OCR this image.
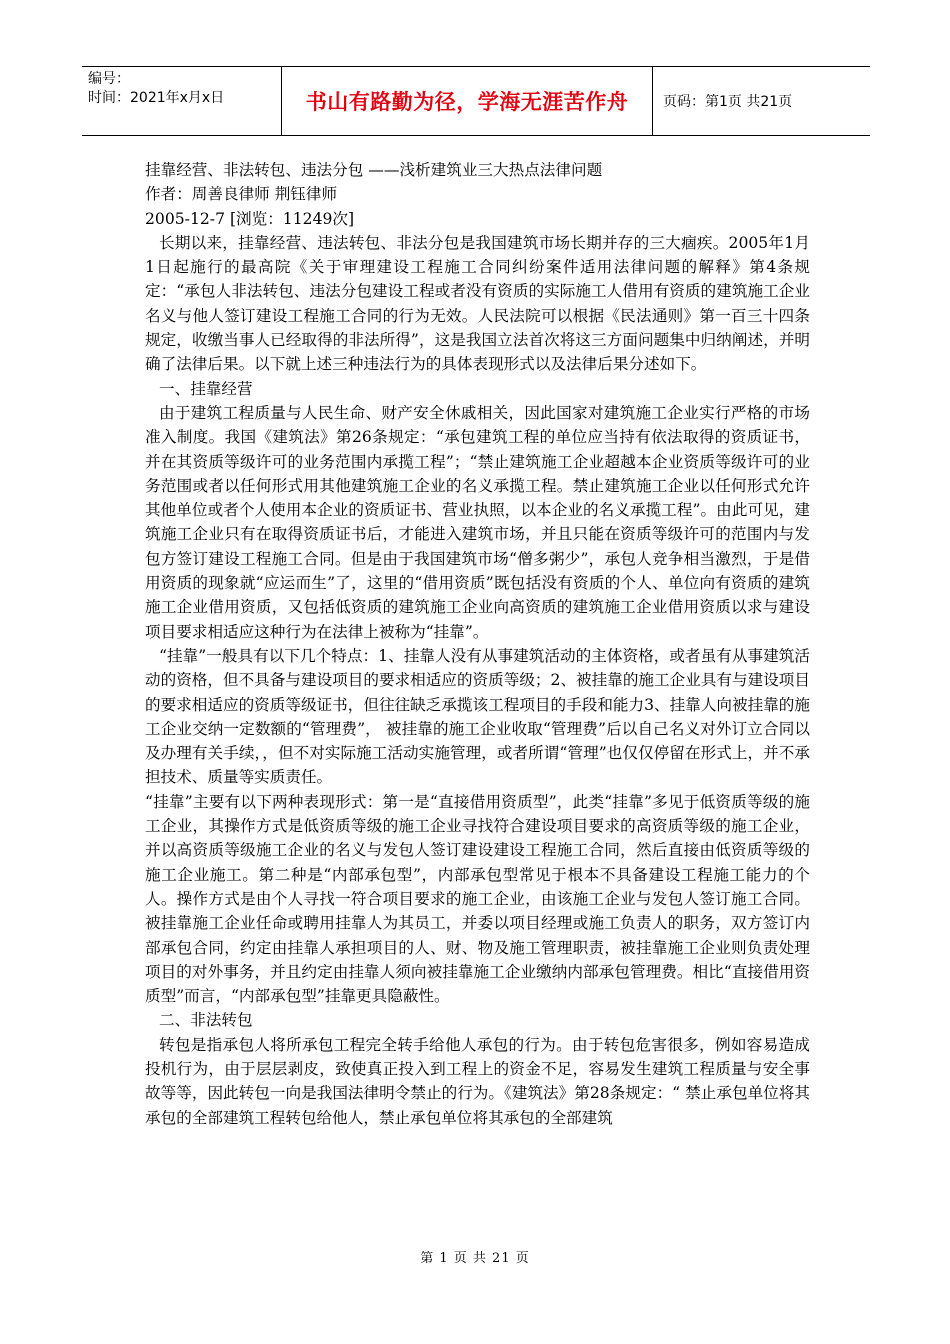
编号：
时间：2021年x月x日	书山有路勤为径，学海无涯苦作舟	页码：第1页 共21页

挂靠经营、非法转包、违法分包 ——浅析建筑业三大热点法律问题

作者：周善良律师 荆钰律师

2005-12-7 [浏览：11249次]

长期以来，挂靠经营、违法转包、非法分包是我国建筑市场长期并存的三大痼疾。2005年1月1日起施行的最高院《关于审理建设工程施工合同纠纷案件适用法律问题的解释》第4条规定：“承包人非法转包、违法分包建设工程或者没有资质的实际施工人借用有资质的建筑施工企业名义与他人签订建设工程施工合同的行为无效。人民法院可以根据《民法通则》第一百三十四条规定，收缴当事人已经取得的非法所得”，这是我国立法首次将这三方面问题集中归纳阐述，并明确了法律后果。以下就上述三种违法行为的具体表现形式以及法律后果分述如下。

一、挂靠经营

由于建筑工程质量与人民生命、财产安全休戚相关，因此国家对建筑施工企业实行严格的市场准入制度。我国《建筑法》第26条规定：“承包建筑工程的单位应当持有依法取得的资质证书，并在其资质等级许可的业务范围内承揽工程”；“禁止建筑施工企业超越本企业资质等级许可的业务范围或者以任何形式用其他建筑施工企业的名义承揽工程。禁止建筑施工企业以任何形式允许其他单位或者个人使用本企业的资质证书、营业执照，以本企业的名义承揽工程”。由此可见，建筑施工企业只有在取得资质证书后，才能进入建筑市场，并且只能在资质等级许可的范围内与发包方签订建设工程施工合同。但是由于我国建筑市场“僧多粥少”，承包人竞争相当激烈，于是借用资质的现象就“应运而生”了，这里的“借用资质”既包括没有资质的个人、单位向有资质的建筑施工企业借用资质，又包括低资质的建筑施工企业向高资质的建筑施工企业借用资质以求与建设项目要求相适应这种行为在法律上被称为“挂靠”。

“挂靠”一般具有以下几个特点：1、挂靠人没有从事建筑活动的主体资格，或者虽有从事建筑活动的资格，但不具备与建设项目的要求相适应的资质等级；2、被挂靠的施工企业具有与建设项目的要求相适应的资质等级证书，但往往缺乏承揽该工程项目的手段和能力3、挂靠人向被挂靠的施工企业交纳一定数额的“管理费”， 被挂靠的施工企业收取“管理费”后以自己名义对外订立合同以及办理有关手续，，但不对实际施工活动实施管理，或者所谓“管理”也仅仅停留在形式上，并不承担技术、质量等实质责任。

“挂靠”主要有以下两种表现形式：第一是“直接借用资质型”，此类“挂靠”多见于低资质等级的施工企业，其操作方式是低资质等级的施工企业寻找符合建设项目要求的高资质等级的施工企业，并以高资质等级施工企业的名义与发包人签订建设建设工程施工合同，然后直接由低资质等级的施工企业施工。第二种是“内部承包型”，内部承包型常见于根本不具备建设工程施工能力的个人。操作方式是由个人寻找一符合项目要求的施工企业，由该施工企业与发包人签订施工合同。被挂靠施工企业任命或聘用挂靠人为其员工，并委以项目经理或施工负责人的职务，双方签订内部承包合同，约定由挂靠人承担项目的人、财、物及施工管理职责，被挂靠施工企业则负责处理项目的对外事务，并且约定由挂靠人须向被挂靠施工企业缴纳内部承包管理费。相比“直接借用资质型”而言，“内部承包型”挂靠更具隐蔽性。

二、非法转包

转包是指承包人将所承包工程完全转手给他人承包的行为。由于转包危害很多，例如容易造成投机行为，由于层层剥皮，致使真正投入到工程上的资金不足，容易发生建筑工程质量与安全事故等等，因此转包一向是我国法律明令禁止的行为。《建筑法》第28条规定：“ 禁止承包单位将其承包的全部建筑工程转包给他人，禁止承包单位将其承包的全部建筑

第 1 页 共 21 页
